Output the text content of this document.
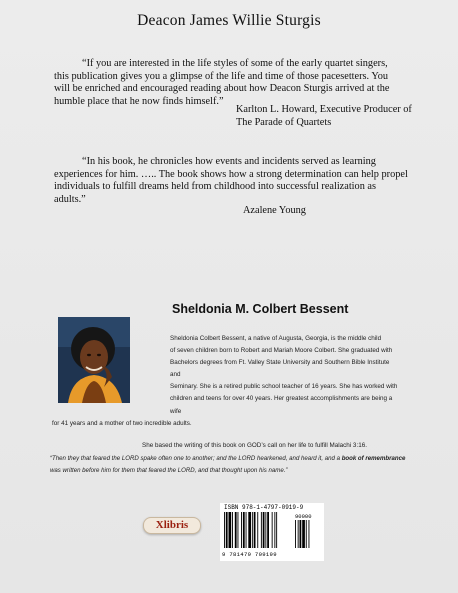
Deacon James Willie Sturgis

“If you are interested in the life styles of some of the early quartet singers, this publication gives you a glimpse of the life and time of those pacesetters. You will be enriched and encouraged reading about how Deacon Sturgis arrived at the humble place that he now finds himself.”

Karlton L. Howard, Executive Producer of
The Parade of Quartets

“In his book, he chronicles how events and incidents served as learning experiences for him. ….. The book shows how a strong determination can help propel individuals to fulfill dreams held from childhood into successful realization as adults.”

Azalene Young
Sheldonia M. Colbert Bessent
Sheldonia Colbert Bessent, a native of Augusta, Georgia, is the middle child
of seven children born to Robert and Mariah Moore Colbert. She graduated with
Bachelors degrees from Ft. Valley State University and Southern Bible Institute and
Seminary. She is a retired public school teacher of 16 years. She has worked with
children and teens for over 40 years. Her greatest accomplishments are being a wife
for 41 years and a mother of two incredible adults.
She based the writing of this book on GOD’s call on her life to fulfill Malachi 3:16.
“Then they that feared the LORD spake often one to another; and the LORD hearkened, and heard it, and a book of remembrance was written before him for them that feared the LORD, and that thought upon his name.”
Xlibris
ISBN 978-1-4797-0919-9
90000
9 781479 709199
